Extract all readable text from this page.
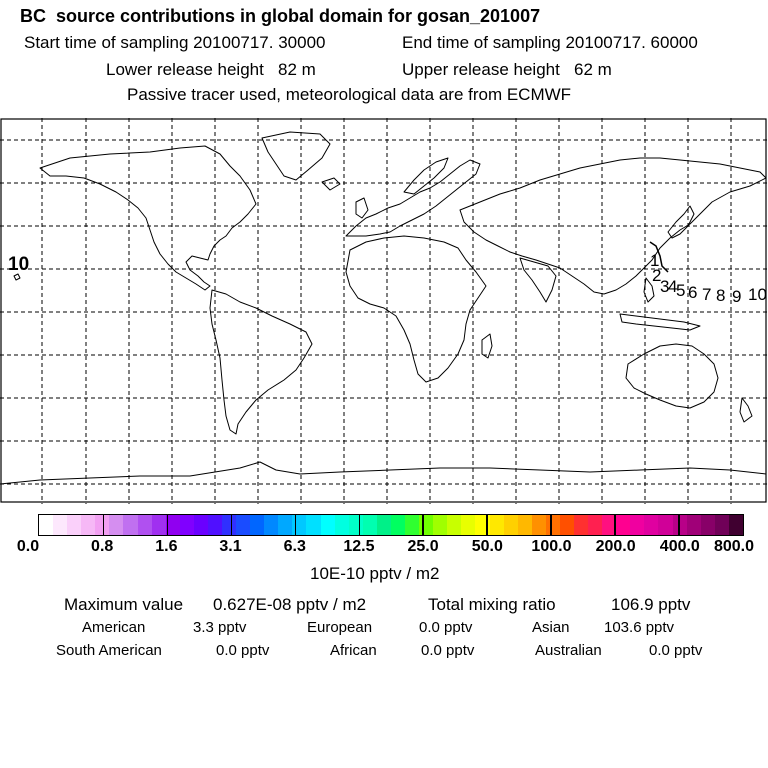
BC  source contributions in global domain for gosan_201007
Start time of sampling 20100717. 30000	End time of sampling 20100717. 60000
Lower release height   82 m	Upper release height   62 m
Passive tracer used, meteorological data are from ECMWF
1
2
3
4
5 6 7 8 9 10
10
0.0	0.8	1.6	3.1	6.3 12.5 25.0 50.0 100.0 200.0 400.0 800.0
10E-10 pptv / m2
Maximum value 0.627E-08 pptv / m2	Total mixing ratio	106.9 pptv
American	3.3 pptv	European	0.0 pptv	Asian 103.6 pptv
South American	0.0 pptv	African	0.0 pptv	Australian	0.0 pptv
